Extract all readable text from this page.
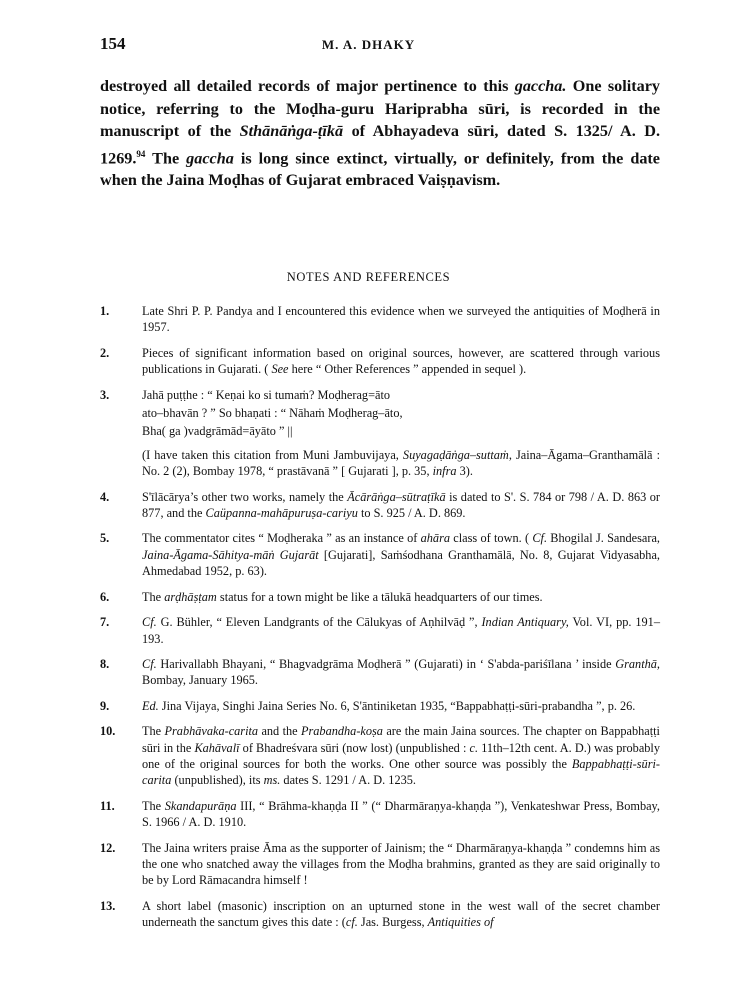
154	M. A. DHAKY

destroyed all detailed records of major pertinence to this gaccha. One solitary notice, referring to the Moḍha-guru Hariprabha sūri, is recorded in the manuscript of the Sthānāṅga-ṭīkā of Abhayadeva sūri, dated S. 1325/ A. D. 1269.94 The gaccha is long since extinct, virtually, or definitely, from the date when the Jaina Moḍhas of Gujarat embraced Vaiṣṇavism.

NOTES AND REFERENCES
1.	Late Shri P. P. Pandya and I encountered this evidence when we surveyed the antiquities of Moḍherā in 1957.

2.	Pieces of significant information based on original sources, however, are scattered through various publications in Gujarati. ( See here “ Other References ” appended in sequel ).

3.	Jahā puṭṭhe : “ Keṇai ko si tumaṁ? Moḍherag=āto

ato–bhavān ? ” So bhaṇati : “ Nāhaṁ Moḍherag–āto,

Bha( ga )vadgrāmād=āyāto ” ||

(I have taken this citation from Muni Jambuvijaya, Suyagaḍāṅga–suttaṁ, Jaina–Āgama–Granthamālā : No. 2 (2), Bombay 1978, “ prastāvanā ” [ Gujarati ], p. 35, infra 3).

4.	S'īlācārya’s other two works, namely the Ācārāṅga–sūtraṭīkā is dated to S'. S. 784 or 798 / A. D. 863 or 877, and the Caüpanna-mahāpuruṣa-cariyu to S. 925 / A. D. 869.

5.	The commentator cites “ Moḍheraka ” as an instance of ahāra class of town. ( Cf. Bhogilal J. Sandesara, Jaina-Āgama-Sāhitya-māṅ Gujarāt [Gujarati], Saṁśodhana Granthamālā, No. 8, Gujarat Vidyasabha, Ahmedabad 1952, p. 63).

6.	The arḍhāṣṭam status for a town might be like a tālukā headquarters of our times.

7.	Cf. G. Bühler, “ Eleven Landgrants of the Cālukyas of Aṇhilvāḍ ”, Indian Antiquary, Vol. VI, pp. 191–193.

8.	Cf. Harivallabh Bhayani, “ Bhagvadgrāma Moḍherā ” (Gujarati) in ‘ S'abda-pariśīlana ’ inside Granthā, Bombay, January 1965.

9.	Ed. Jina Vijaya, Singhi Jaina Series No. 6, S'āntiniketan 1935, “Bappabhaṭṭi-sūri-prabandha ”, p. 26.

10.	The Prabhāvaka-carita and the Prabandha-koṣa are the main Jaina sources. The chapter on Bappabhaṭṭi sūri in the Kahāvalī of Bhadreśvara sūri (now lost) (unpublished : c. 11th–12th cent. A. D.) was probably one of the original sources for both the works. One other source was possibly the Bappabhaṭṭi-sūri-carita (unpublished), its ms. dates S. 1291 / A. D. 1235.

11.	The Skandapurāṇa III, “ Brāhma-khaṇḍa II ” (“ Dharmāraṇya-khaṇḍa ”), Venkateshwar Press, Bombay, S. 1966 / A. D. 1910.

12.	The Jaina writers praise Āma as the supporter of Jainism; the “ Dharmāraṇya-khaṇḍa ” condemns him as the one who snatched away the villages from the Moḍha brahmins, granted as they are said originally to be by Lord Rāmacandra himself !

13.	A short label (masonic) inscription on an upturned stone in the west wall of the secret chamber underneath the sanctum gives this date : (cf. Jas. Burgess, Antiquities of
